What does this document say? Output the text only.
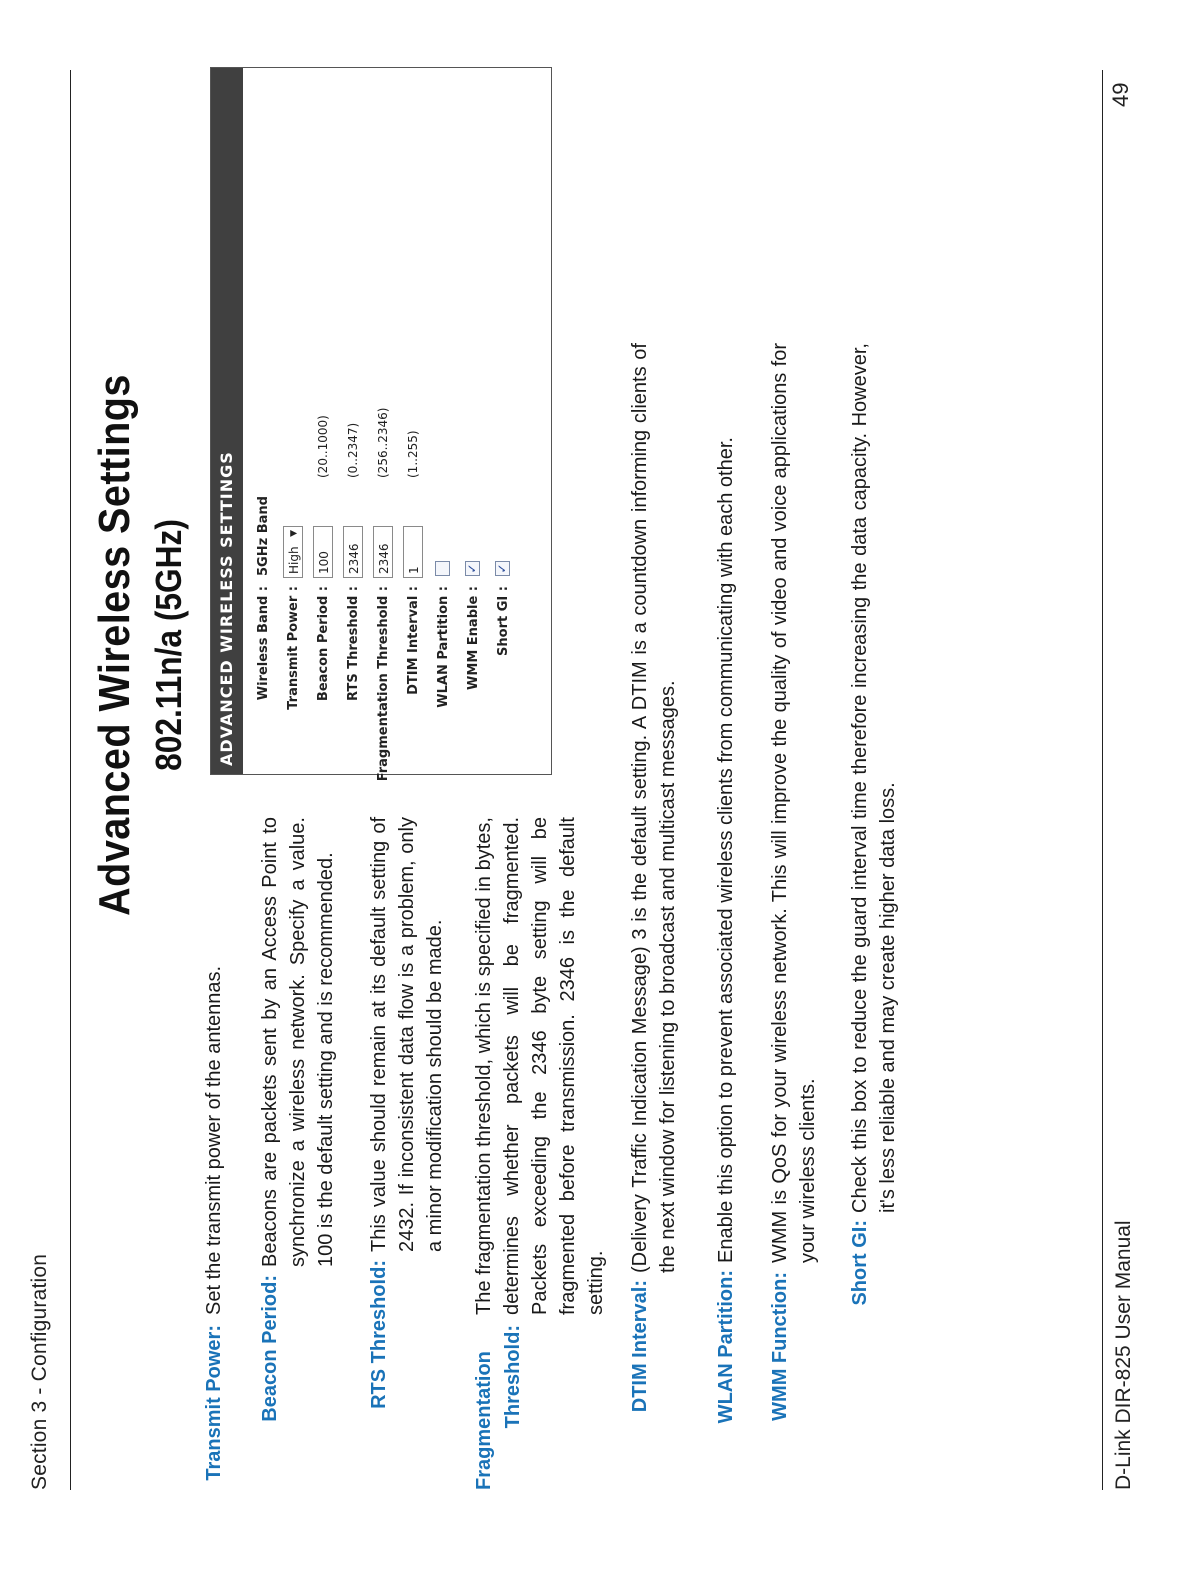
Section 3 - Configuration
Advanced Wireless Settings 802.11n/a (5GHz)
Transmit Power:
Set the transmit power of the antennas.
Beacon Period:
Beacons are packets sent by an Access Point to synchronize a wireless network. Specify a value. 100 is the default setting and is recommended.
RTS Threshold:
This value should remain at its default setting of 2432. If inconsistent data flow is a problem, only a minor modification should be made.
Fragmentation Threshold:
The fragmentation threshold, which is specified in bytes, determines whether packets will be fragmented. Packets exceeding the 2346 byte setting will be fragmented before transmission. 2346 is the default setting. DTIM Interval:
(Delivery Traffic Indication Message) 3 is the default setting. A DTIM is a countdown informing clients of the next window for listening to broadcast and multicast messages.
WLAN Partition:
Enable this option to prevent associated wireless clients from communicating with each other.
WMM Function:
WMM is QoS for your wireless network. This will improve the quality of video and voice applications for your wireless clients. Short GI:
Check this box to reduce the guard interval time therefore increasing the data capacity. However, it's less reliable and may create higher data loss.
ADVANCED WIRELESS SETTINGS	Wireless Band :
5GHz Band
Transmit Power :
High
▼
Beacon Period :
100
(20..1000)
RTS Threshold :
2346
(0..2347)
Fragmentation Threshold :
2346
(256..2346)
DTIM Interval :
1
(1..255)
WLAN Partition : WMM Enable :
✓
Short GI :
✓
D-Link DIR-825 User Manual
49
